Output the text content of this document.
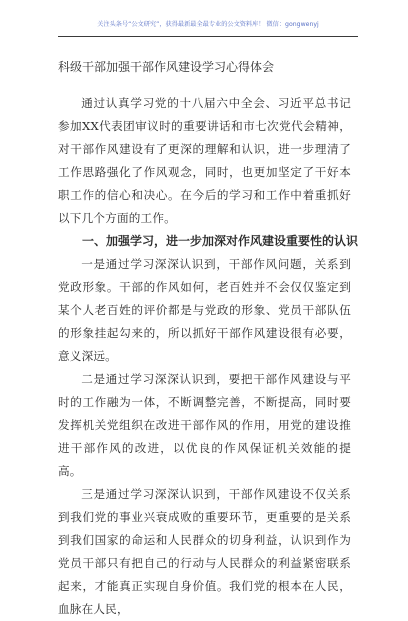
关注头条号“公文研究”，获得最新最全最专业的公文资料库！ 微信：gongwenyj
科级干部加强干部作风建设学习心得体会

通过认真学习党的十八届六中全会、习近平总书记参加XX代表团审议时的重要讲话和市七次党代会精神，对干部作风建设有了更深的理解和认识，进一步理清了工作思路强化了作风观念，同时，也更加坚定了干好本职工作的信心和决心。在今后的学习和工作中着重抓好以下几个方面的工作。

一、加强学习，进一步加深对作风建设重要性的认识

一是通过学习深深认识到，干部作风问题，关系到党政形象。干部的作风如何，老百姓并不会仅仅鉴定到某个人老百姓的评价都是与党政的形象、党员干部队伍的形象挂起勾来的，所以抓好干部作风建设很有必要，意义深远。

二是通过学习深深认识到，要把干部作风建设与平时的工作融为一体，不断调整完善，不断提高，同时要发挥机关党组织在改进干部作风的作用，用党的建设推进干部作风的改进，以优良的作风保证机关效能的提高。

三是通过学习深深认识到，干部作风建设不仅关系到我们党的事业兴衰成败的重要环节，更重要的是关系到我们国家的命运和人民群众的切身利益，认识到作为党员干部只有把自己的行动与人民群众的利益紧密联系起来，才能真正实现自身价值。我们党的根本在人民，血脉在人民，
